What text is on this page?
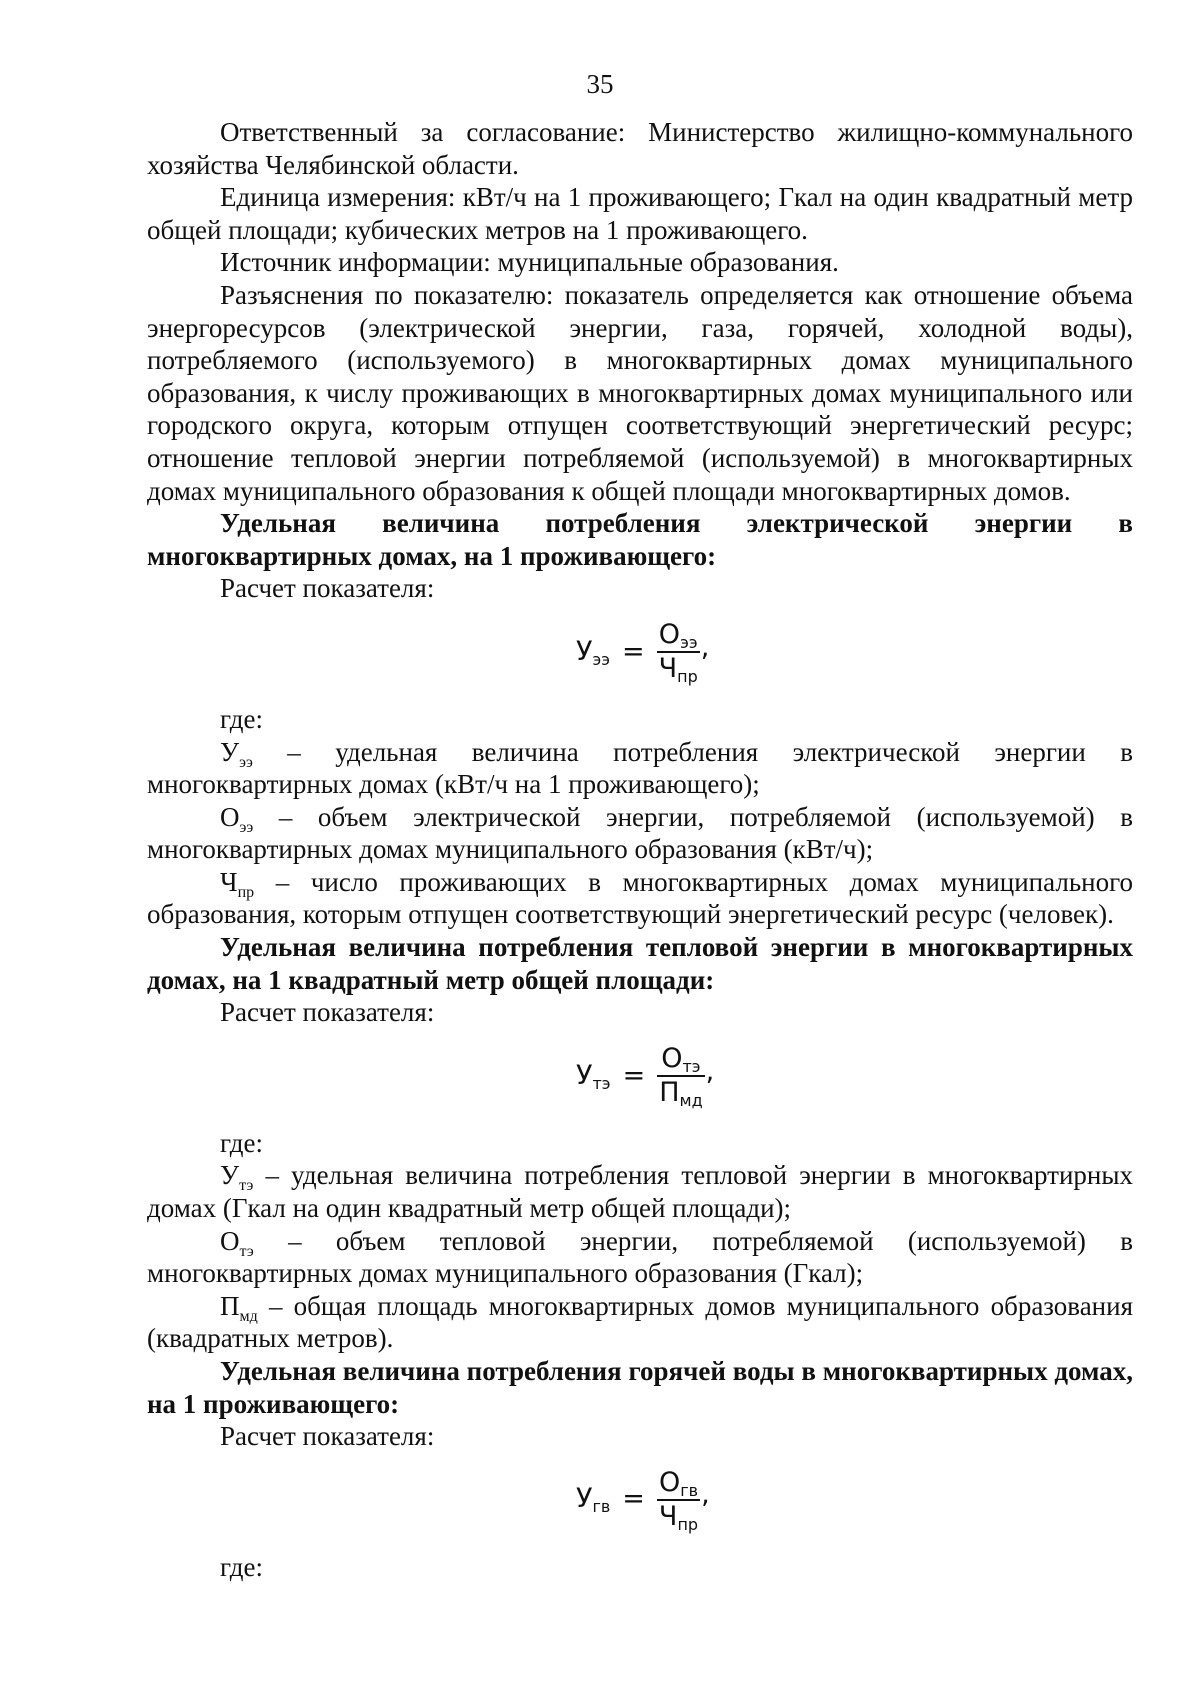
35

Ответственный за согласование: Министерство жилищно-коммунального хозяйства Челябинской области.

Единица измерения: кВт/ч на 1 проживающего; Гкал на один квадратный метр общей площади; кубических метров на 1 проживающего.

Источник информации: муниципальные образования.

Разъяснения по показателю: показатель определяется как отношение объема энергоресурсов (электрической энергии, газа, горячей, холодной воды), потребляемого (используемого) в многоквартирных домах муниципального образования, к числу проживающих в многоквартирных домах муниципального или городского округа, которым отпущен соответствующий энергетический ресурс; отношение тепловой энергии потребляемой (используемой) в многоквартирных домах муниципального образования к общей площади многоквартирных домов.

Удельная величина потребления электрической энергии в многоквартирных домах, на 1 проживающего:

Расчет показателя:

$У_{ээ} = \frac{О_{ээ}}{Ч_{пр}}$ ,

где:

$У_{ээ}$ – удельная величина потребления электрической энергии в многоквартирных домах (кВт/ч на 1 проживающего);

$О_{ээ}$ – объем электрической энергии, потребляемой (используемой) в многоквартирных домах муниципального образования (кВт/ч);

$Ч_{пр}$ – число проживающих в многоквартирных домах муниципального образования, которым отпущен соответствующий энергетический ресурс (человек).

Удельная величина потребления тепловой энергии в многоквартирных домах, на 1 квадратный метр общей площади:

Расчет показателя:

$У_{тэ} = \frac{О_{тэ}}{П_{мд}}$ ,

где:

$У_{тэ}$ – удельная величина потребления тепловой энергии в многоквартирных домах (Гкал на один квадратный метр общей площади);

$О_{тэ}$ – объем тепловой энергии, потребляемой (используемой) в многоквартирных домах муниципального образования (Гкал);

$П_{мд}$ – общая площадь многоквартирных домов муниципального образования (квадратных метров).

Удельная величина потребления горячей воды в многоквартирных домах, на 1 проживающего:

Расчет показателя:

$У_{гв} = \frac{О_{гв}}{Ч_{пр}}$ ,

где:
